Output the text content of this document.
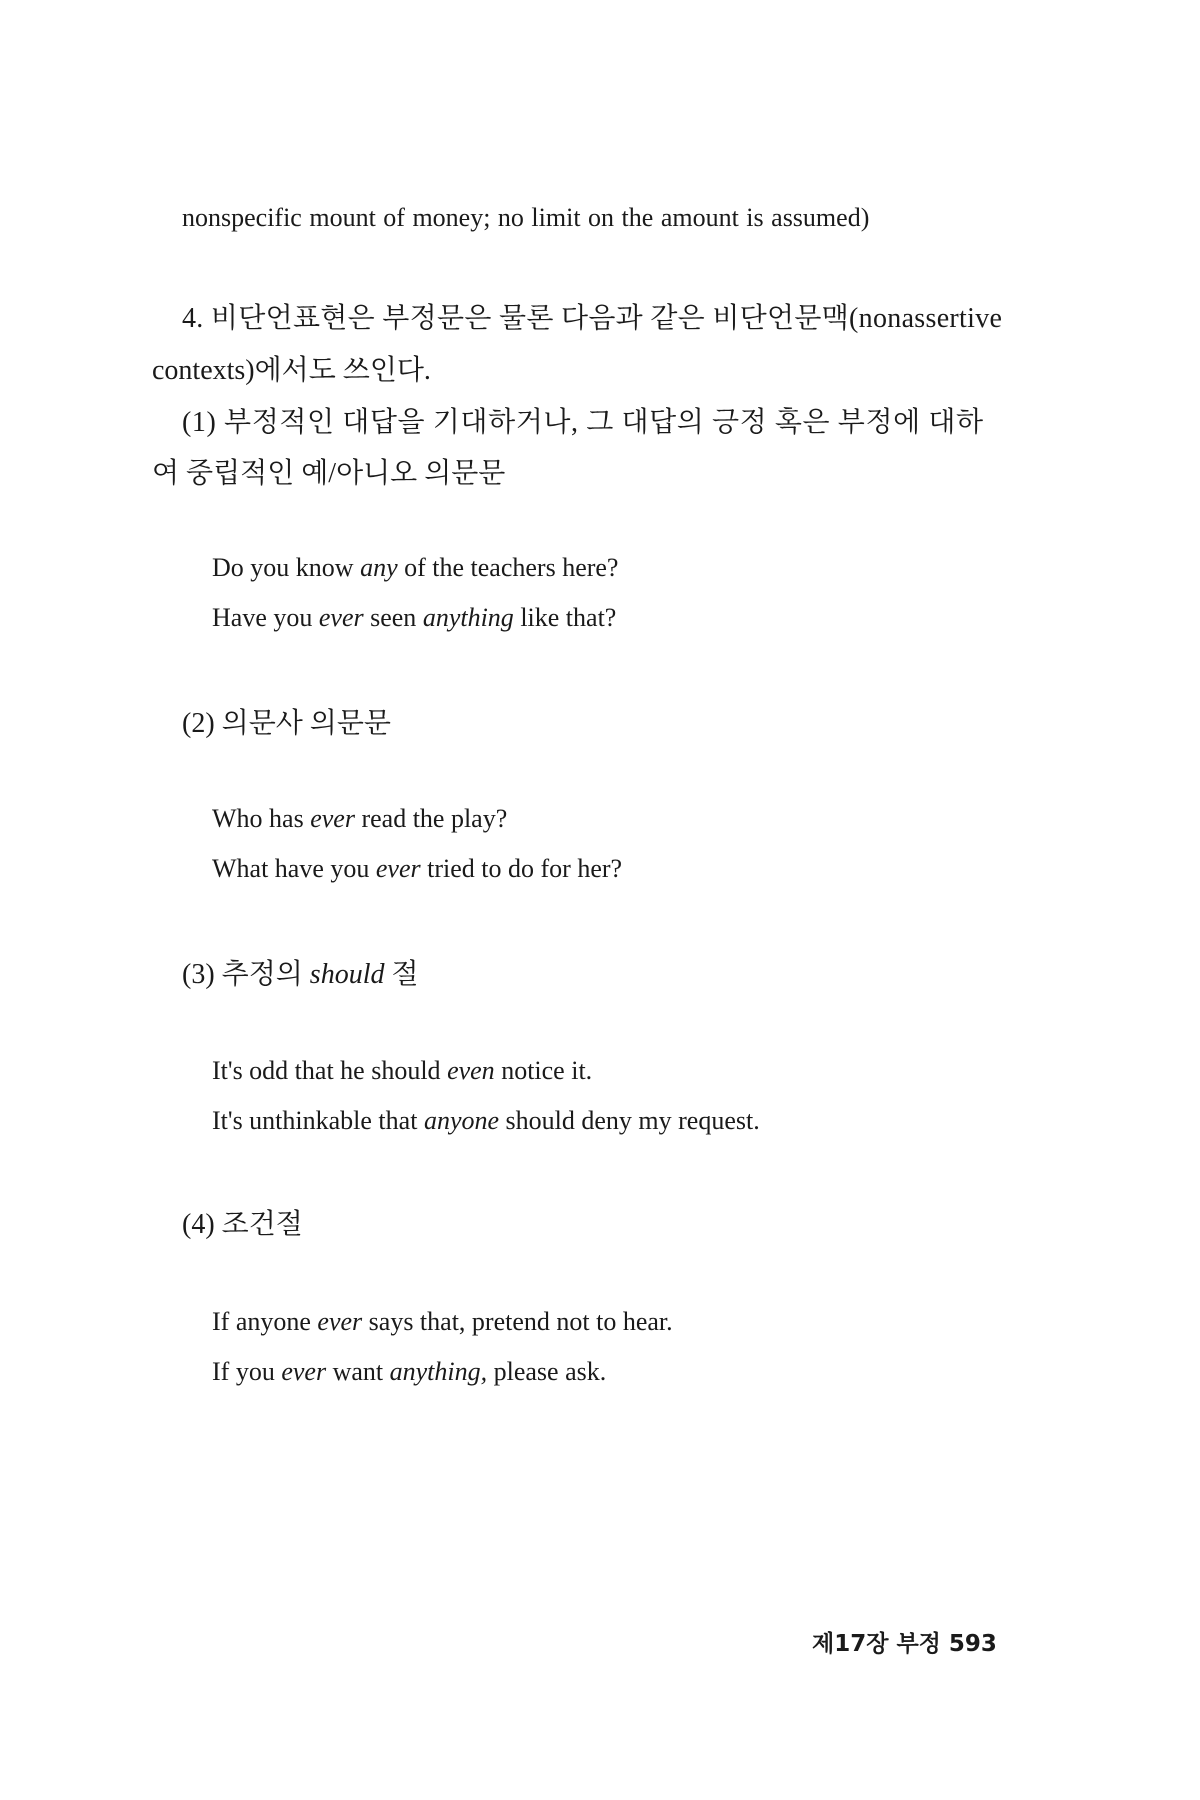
nonspecific mount of money; no limit on the amount is assumed)
4. 비단언표현은 부정문은 물론 다음과 같은 비단언문맥(nonassertive
contexts)에서도 쓰인다.
(1) 부정적인 대답을 기대하거나, 그 대답의 긍정 혹은 부정에 대하
여 중립적인 예/아니오 의문문
Do you know any of the teachers here?
Have you ever seen anything like that?
(2) 의문사 의문문
Who has ever read the play?
What have you ever tried to do for her?
(3) 추정의 should 절
It's odd that he should even notice it.
It's unthinkable that anyone should deny my request.
(4) 조건절
If anyone ever says that, pretend not to hear.
If you ever want anything, please ask.
제17장 부정 593
